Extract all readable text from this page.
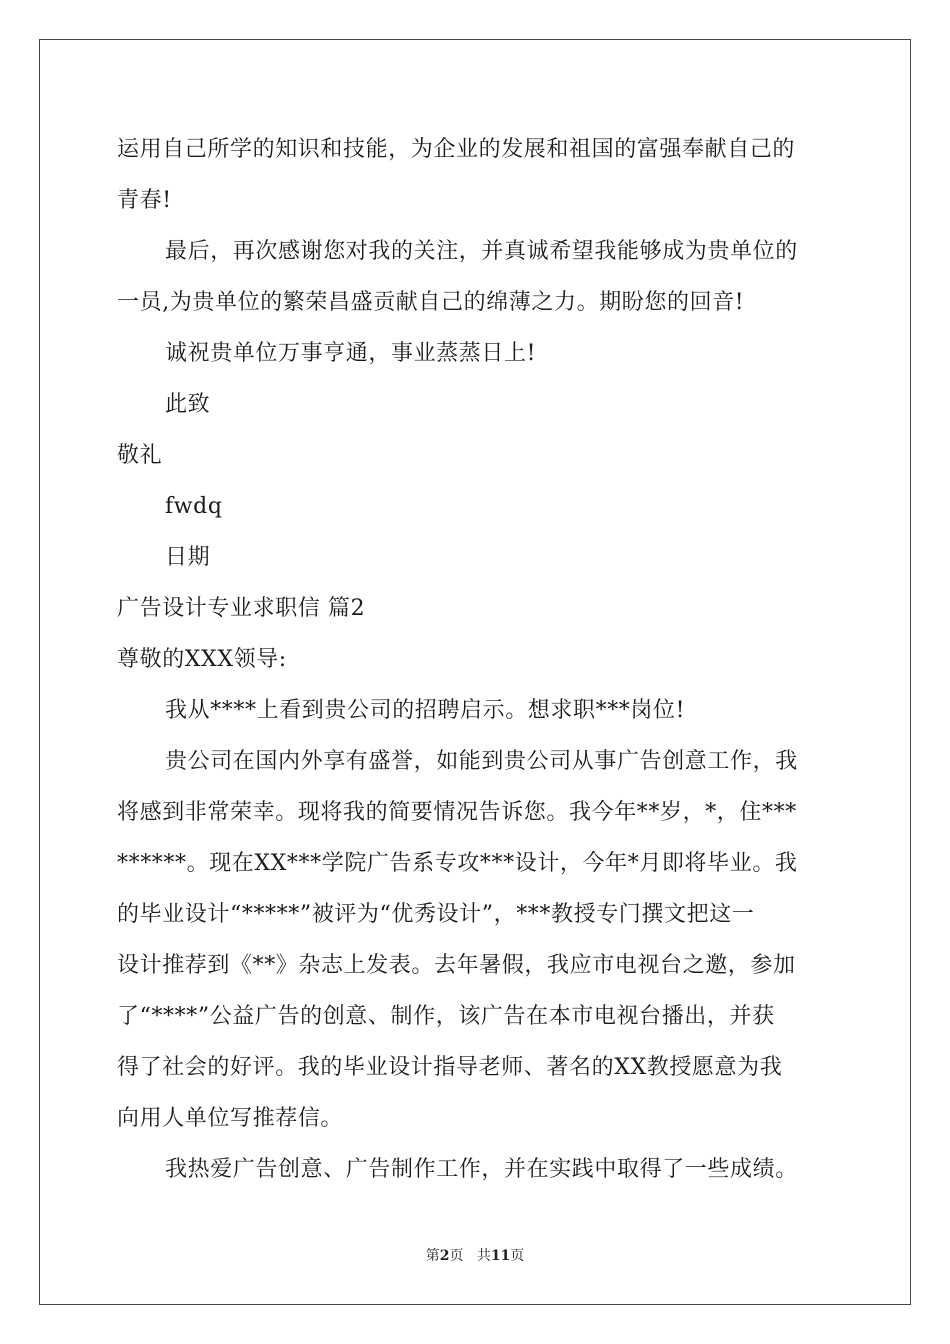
运用自己所学的知识和技能，为企业的发展和祖国的富强奉献自己的
青春!
最后，再次感谢您对我的关注，并真诚希望我能够成为贵单位的
一员,为贵单位的繁荣昌盛贡献自己的绵薄之力。期盼您的回音!
诚祝贵单位万事亨通，事业蒸蒸日上!
此致
敬礼
fwdq
日期
广告设计专业求职信 篇2
尊敬的XXX领导:
我从****上看到贵公司的招聘启示。想求职***岗位!
贵公司在国内外享有盛誉，如能到贵公司从事广告创意工作，我
将感到非常荣幸。现将我的简要情况告诉您。我今年**岁，*，住***
******。现在XX***学院广告系专攻***设计，今年*月即将毕业。我
的毕业设计“*****”被评为“优秀设计”，***教授专门撰文把这一
设计推荐到《**》杂志上发表。去年暑假，我应市电视台之邀，参加
了“****”公益广告的创意、制作，该广告在本市电视台播出，并获
得了社会的好评。我的毕业设计指导老师、著名的XX教授愿意为我
向用人单位写推荐信。
我热爱广告创意、广告制作工作，并在实践中取得了一些成绩。
第2页 共11页
